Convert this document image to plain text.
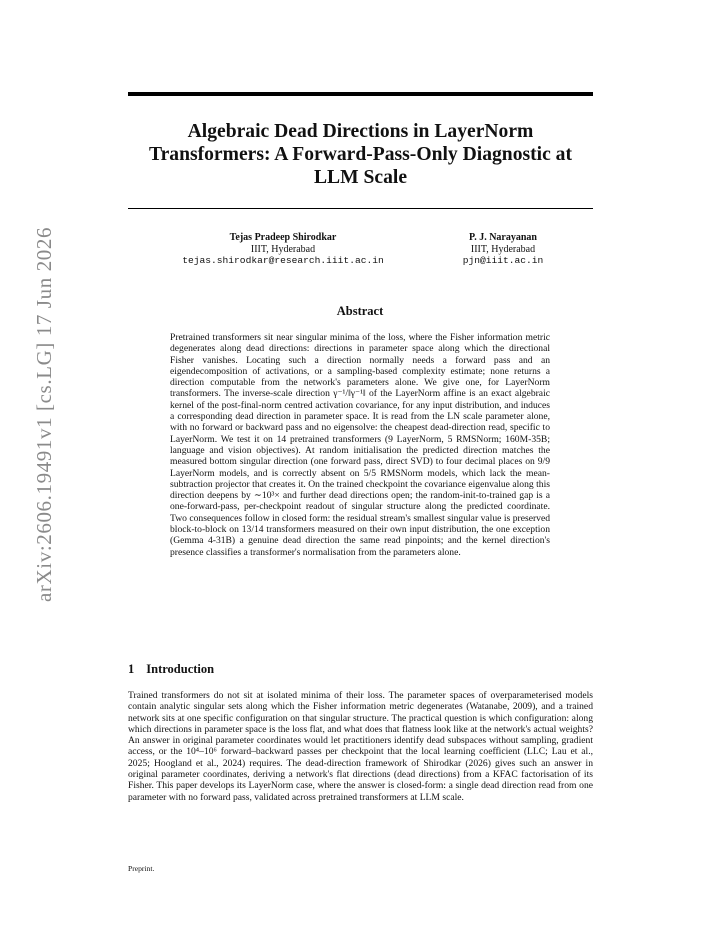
arXiv:2606.19491v1 [cs.LG] 17 Jun 2026
Algebraic Dead Directions in LayerNorm Transformers: A Forward-Pass-Only Diagnostic at LLM Scale
Tejas Pradeep Shirodkar
IIIT, Hyderabad
tejas.shirodkar@research.iiit.ac.in
P. J. Narayanan
IIIT, Hyderabad
pjn@iiit.ac.in
Abstract
Pretrained transformers sit near singular minima of the loss, where the Fisher information metric degenerates along dead directions: directions in parameter space along which the directional Fisher vanishes. Locating such a direction normally needs a forward pass and an eigendecomposition of activations, or a sampling-based complexity estimate; none returns a direction computable from the network's parameters alone. We give one, for LayerNorm transformers. The inverse-scale direction γ⁻¹/‖γ⁻¹‖ of the LayerNorm affine is an exact algebraic kernel of the post-final-norm centred activation covariance, for any input distribution, and induces a corresponding dead direction in parameter space. It is read from the LN scale parameter alone, with no forward or backward pass and no eigensolve: the cheapest dead-direction read, specific to LayerNorm. We test it on 14 pretrained transformers (9 LayerNorm, 5 RMSNorm; 160M-35B; language and vision objectives). At random initialisation the predicted direction matches the measured bottom singular direction (one forward pass, direct SVD) to four decimal places on 9/9 LayerNorm models, and is correctly absent on 5/5 RMSNorm models, which lack the mean-subtraction projector that creates it. On the trained checkpoint the covariance eigenvalue along this direction deepens by ∼10³× and further dead directions open; the random-init-to-trained gap is a one-forward-pass, per-checkpoint readout of singular structure along the predicted coordinate. Two consequences follow in closed form: the residual stream's smallest singular value is preserved block-to-block on 13/14 transformers measured on their own input distribution, the one exception (Gemma 4-31B) a genuine dead direction the same read pinpoints; and the kernel direction's presence classifies a transformer's normalisation from the parameters alone.
1 Introduction
Trained transformers do not sit at isolated minima of their loss. The parameter spaces of overparameterised models contain analytic singular sets along which the Fisher information metric degenerates (Watanabe, 2009), and a trained network sits at one specific configuration on that singular structure. The practical question is which configuration: along which directions in parameter space is the loss flat, and what does that flatness look like at the network's actual weights? An answer in original parameter coordinates would let practitioners identify dead subspaces without sampling, gradient access, or the 10⁴–10⁶ forward–backward passes per checkpoint that the local learning coefficient (LLC; Lau et al., 2025; Hoogland et al., 2024) requires. The dead-direction framework of Shirodkar (2026) gives such an answer in original parameter coordinates, deriving a network's flat directions (dead directions) from a KFAC factorisation of its Fisher. This paper develops its LayerNorm case, where the answer is closed-form: a single dead direction read from one parameter with no forward pass, validated across pretrained transformers at LLM scale.
Preprint.
